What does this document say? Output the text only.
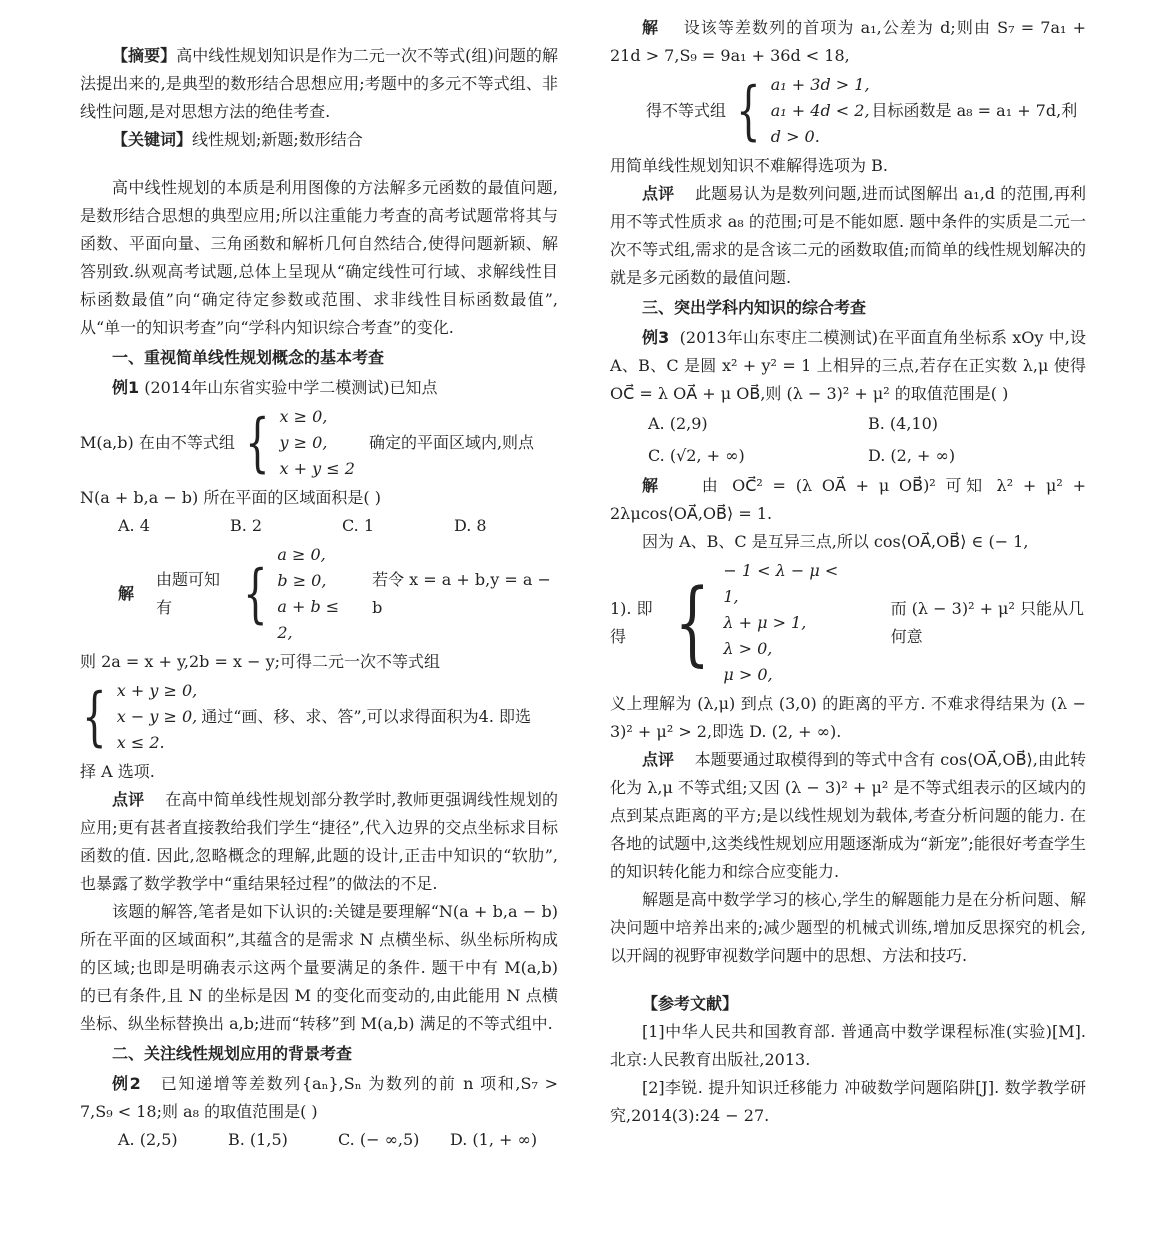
【摘要】高中线性规划知识是作为二元一次不等式(组)问题的解法提出来的,是典型的数形结合思想应用;考题中的多元不等式组、非线性问题,是对思想方法的绝佳考查.

【关键词】线性规划;新题;数形结合

高中线性规划的本质是利用图像的方法解多元函数的最值问题,是数形结合思想的典型应用;所以注重能力考查的高考试题常将其与函数、平面向量、三角函数和解析几何自然结合,使得问题新颖、解答别致.纵观高考试题,总体上呈现从“确定线性可行域、求解线性目标函数最值”向“确定待定参数或范围、求非线性目标函数最值”,从“单一的知识考查”向“学科内知识综合考查”的变化.

一、重视简单线性规划概念的基本考查

例1 (2014年山东省实验中学二模测试)已知点

M(a,b) 在由不等式组 { x ≥ 0,
y ≥ 0,
x + y ≤ 2
确定的平面区域内,则点

N(a + b,a − b) 所在平面的区域面积是( )

A. 4	B. 2	C. 1	D. 8
解
由题可知有	{
a ≥ 0,
b ≥ 0,
a + b ≤ 2,
若令 x = a + b,y = a − b

则 2a = x + y,2b = x − y;可得二元一次不等式组

{ x + y ≥ 0,
x − y ≥ 0,
x ≤ 2.
通过“画、移、求、答”,可以求得面积为4. 即选

择 A 选项.

点评 在高中简单线性规划部分教学时,教师更强调线性规划的应用;更有甚者直接教给我们学生“捷径”,代入边界的交点坐标求目标函数的值. 因此,忽略概念的理解,此题的设计,正击中知识的“软肋”,也暴露了数学教学中“重结果轻过程”的做法的不足.

该题的解答,笔者是如下认识的:关键是要理解“N(a + b,a − b) 所在平面的区域面积”,其蕴含的是需求 N 点横坐标、纵坐标所构成的区域;也即是明确表示这两个量要满足的条件. 题干中有 M(a,b) 的已有条件,且 N 的坐标是因 M 的变化而变动的,由此能用 N 点横坐标、纵坐标替换出 a,b;进而“转移”到 M(a,b) 满足的不等式组中.

二、关注线性规划应用的背景考查

例2 已知递增等差数列{aₙ},Sₙ 为数列的前 n 项和,S₇ > 7,S₉ < 18;则 a₈ 的取值范围是( )

A. (2,5)	B. (1,5)	C. (− ∞,5)	D. (1, + ∞)

解 设该等差数列的首项为 a₁,公差为 d;则由 S₇ = 7a₁ + 21d > 7,S₉ = 9a₁ + 36d < 18,

得不等式组 { a₁ + 3d > 1,
a₁ + 4d < 2,
d > 0.
目标函数是 a₈ = a₁ + 7d,利

用简单线性规划知识不难解得选项为 B.

点评 此题易认为是数列问题,进而试图解出 a₁,d 的范围,再利用不等式性质求 a₈ 的范围;可是不能如愿. 题中条件的实质是二元一次不等式组,需求的是含该二元的函数取值;而简单的线性规划解决的就是多元函数的最值问题.

三、突出学科内知识的综合考查

例3 (2013年山东枣庄二模测试)在平面直角坐标系 xOy 中,设 A、B、C 是圆 x² + y² = 1 上相异的三点,若存在正实数 λ,μ 使得 OC⃗ = λ OA⃗ + μ OB⃗,则 (λ − 3)² + μ² 的取值范围是( )

A. (2,9)	B. (4,10)
C. (√2, + ∞)	D. (2, + ∞)

解 由 OC⃗² = (λ OA⃗ + μ OB⃗)² 可知 λ² + μ² + 2λμcos⟨OA⃗,OB⃗⟩ = 1.

因为 A、B、C 是互异三点,所以 cos⟨OA⃗,OB⃗⟩ ∈ (− 1,

1). 即得 { − 1 < λ − μ < 1,
λ + μ > 1,
λ > 0,
μ > 0,
而 (λ − 3)² + μ² 只能从几何意

义上理解为 (λ,μ) 到点 (3,0) 的距离的平方. 不难求得结果为 (λ − 3)² + μ² > 2,即选 D. (2, + ∞).

点评 本题要通过取模得到的等式中含有 cos⟨OA⃗,OB⃗⟩,由此转化为 λ,μ 不等式组;又因 (λ − 3)² + μ² 是不等式组表示的区域内的点到某点距离的平方;是以线性规划为载体,考查分析问题的能力. 在各地的试题中,这类线性规划应用题逐渐成为“新宠”;能很好考查学生的知识转化能力和综合应变能力.

解题是高中数学学习的核心,学生的解题能力是在分析问题、解决问题中培养出来的;减少题型的机械式训练,增加反思探究的机会,以开阔的视野审视数学问题中的思想、方法和技巧.

【参考文献】

[1]中华人民共和国教育部. 普通高中数学课程标准(实验)[M]. 北京:人民教育出版社,2013.

[2]李锐. 提升知识迁移能力 冲破数学问题陷阱[J]. 数学教学研究,2014(3):24 − 27.
